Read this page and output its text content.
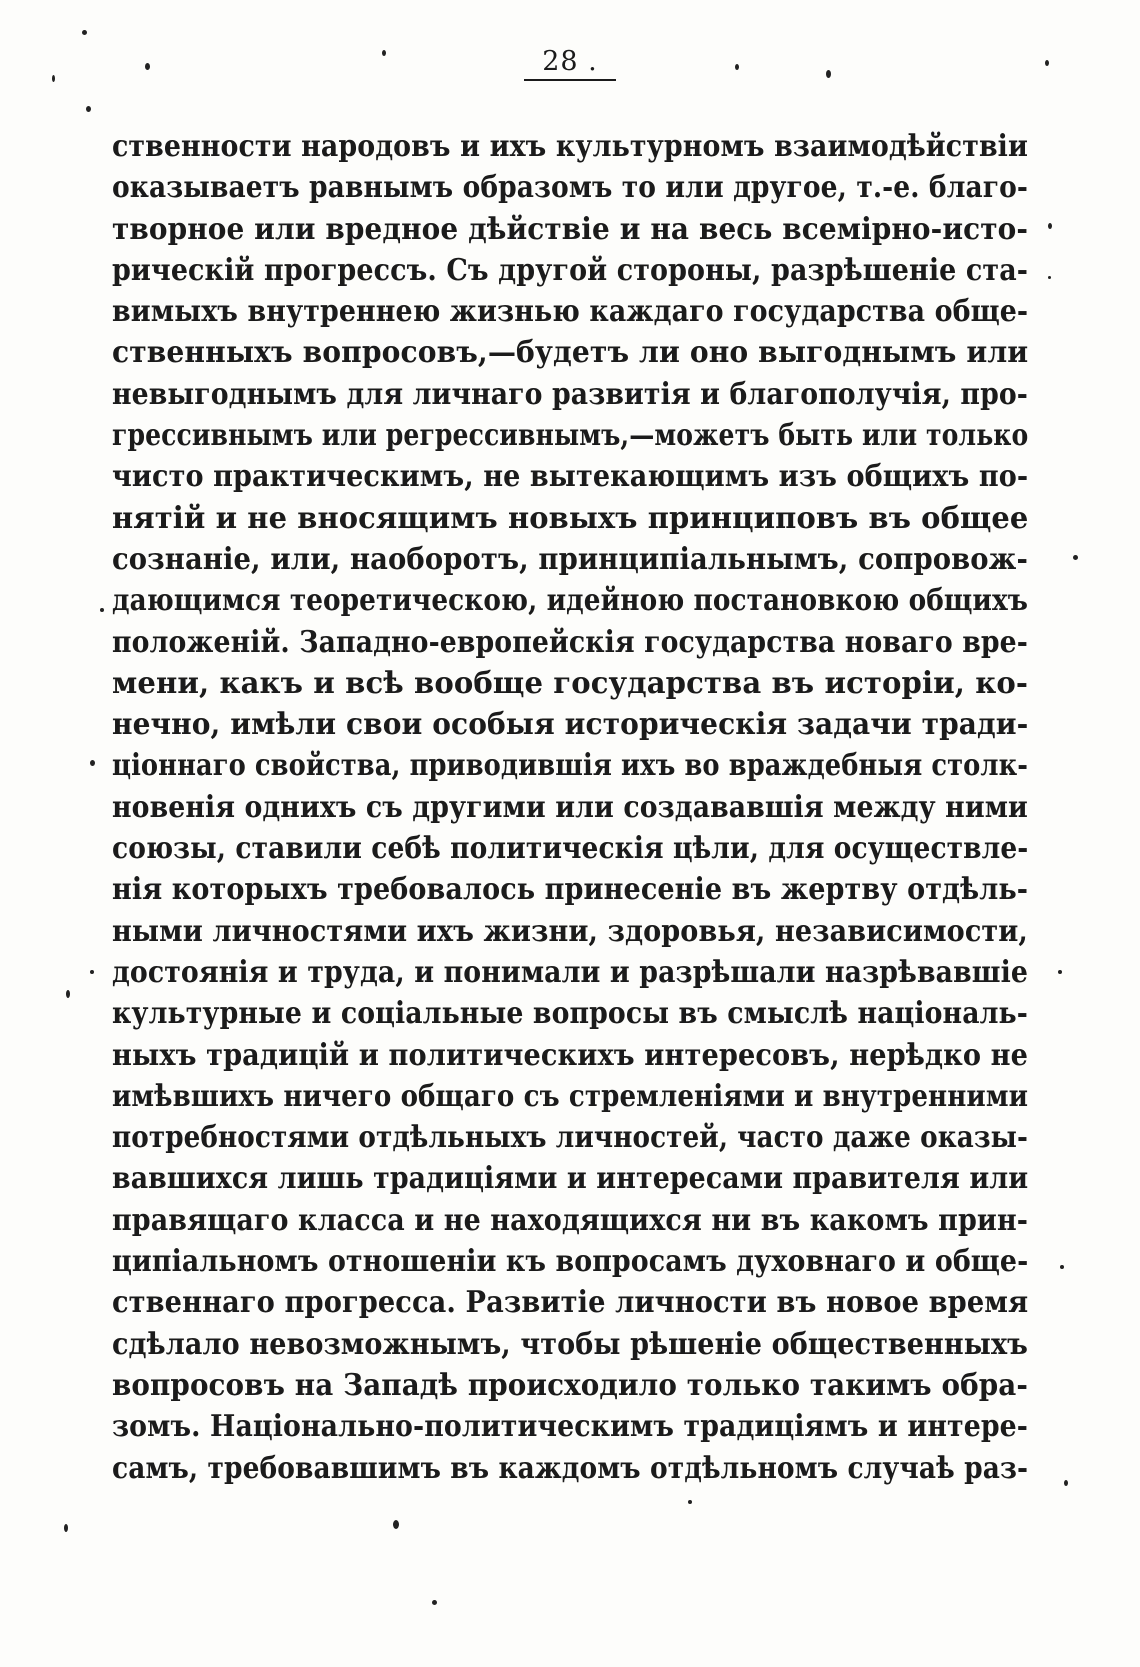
28 .
ственности народовъ и ихъ культурномъ взаимодѣйствіи
оказываетъ равнымъ образомъ то или другое, т.-е. благо-
творное или вредное дѣйствіе и на весь всемірно-истo-
рическій прогрессъ. Съ другой стороны, разрѣшеніе ста-
вимыхъ внутреннею жизнью каждаго государства обще-
ственныхъ вопросовъ,—будетъ ли оно выгоднымъ или
невыгоднымъ для личнаго развитія и благополучія, про-
грессивнымъ или регрессивнымъ,—можетъ быть или только
чисто практическимъ, не вытекающимъ изъ общихъ по-
нятій и не вносящимъ новыхъ принциповъ въ общее
сознаніе, или, наоборотъ, принципіальнымъ, сопровож-
дающимся теоретическою, идейною постановкою общихъ
положеній. Западно-европейскія государства новаго вре-
мени, какъ и всѣ вообще государства въ исторіи, ко-
нечно, имѣли свои особыя историческія задачи тради-
ціоннаго свойства, приводившія ихъ во враждебныя столк-
новенія однихъ съ другими или создававшія между ними
союзы, ставили себѣ политическія цѣли, для осуществле-
нія которыхъ требовалось принесеніе въ жертву отдѣль-
ными личностями ихъ жизни, здоровья, независимости,
достоянія и труда, и понимали и разрѣшали назрѣвавшіе
культурные и соціальные вопросы въ смыслѣ національ-
ныхъ традицій и политическихъ интересовъ, нерѣдко не
имѣвшихъ ничего общаго съ стремленіями и внутренними
потребностями отдѣльныхъ личностей, часто даже оказы-
вавшихся лишь традиціями и интересами правителя или
правящаго класса и не находящихся ни въ какомъ прин-
ципіальномъ отношеніи къ вопросамъ духовнаго и обще-
ственнаго прогресса. Развитіе личности въ новое время
сдѣлало невозможнымъ, чтобы рѣшеніе общественныхъ
вопросовъ на Западѣ происходило только такимъ обра-
зомъ. Національно-политическимъ традиціямъ и интере-
самъ, требовавшимъ въ каждомъ отдѣльномъ случаѣ раз-
